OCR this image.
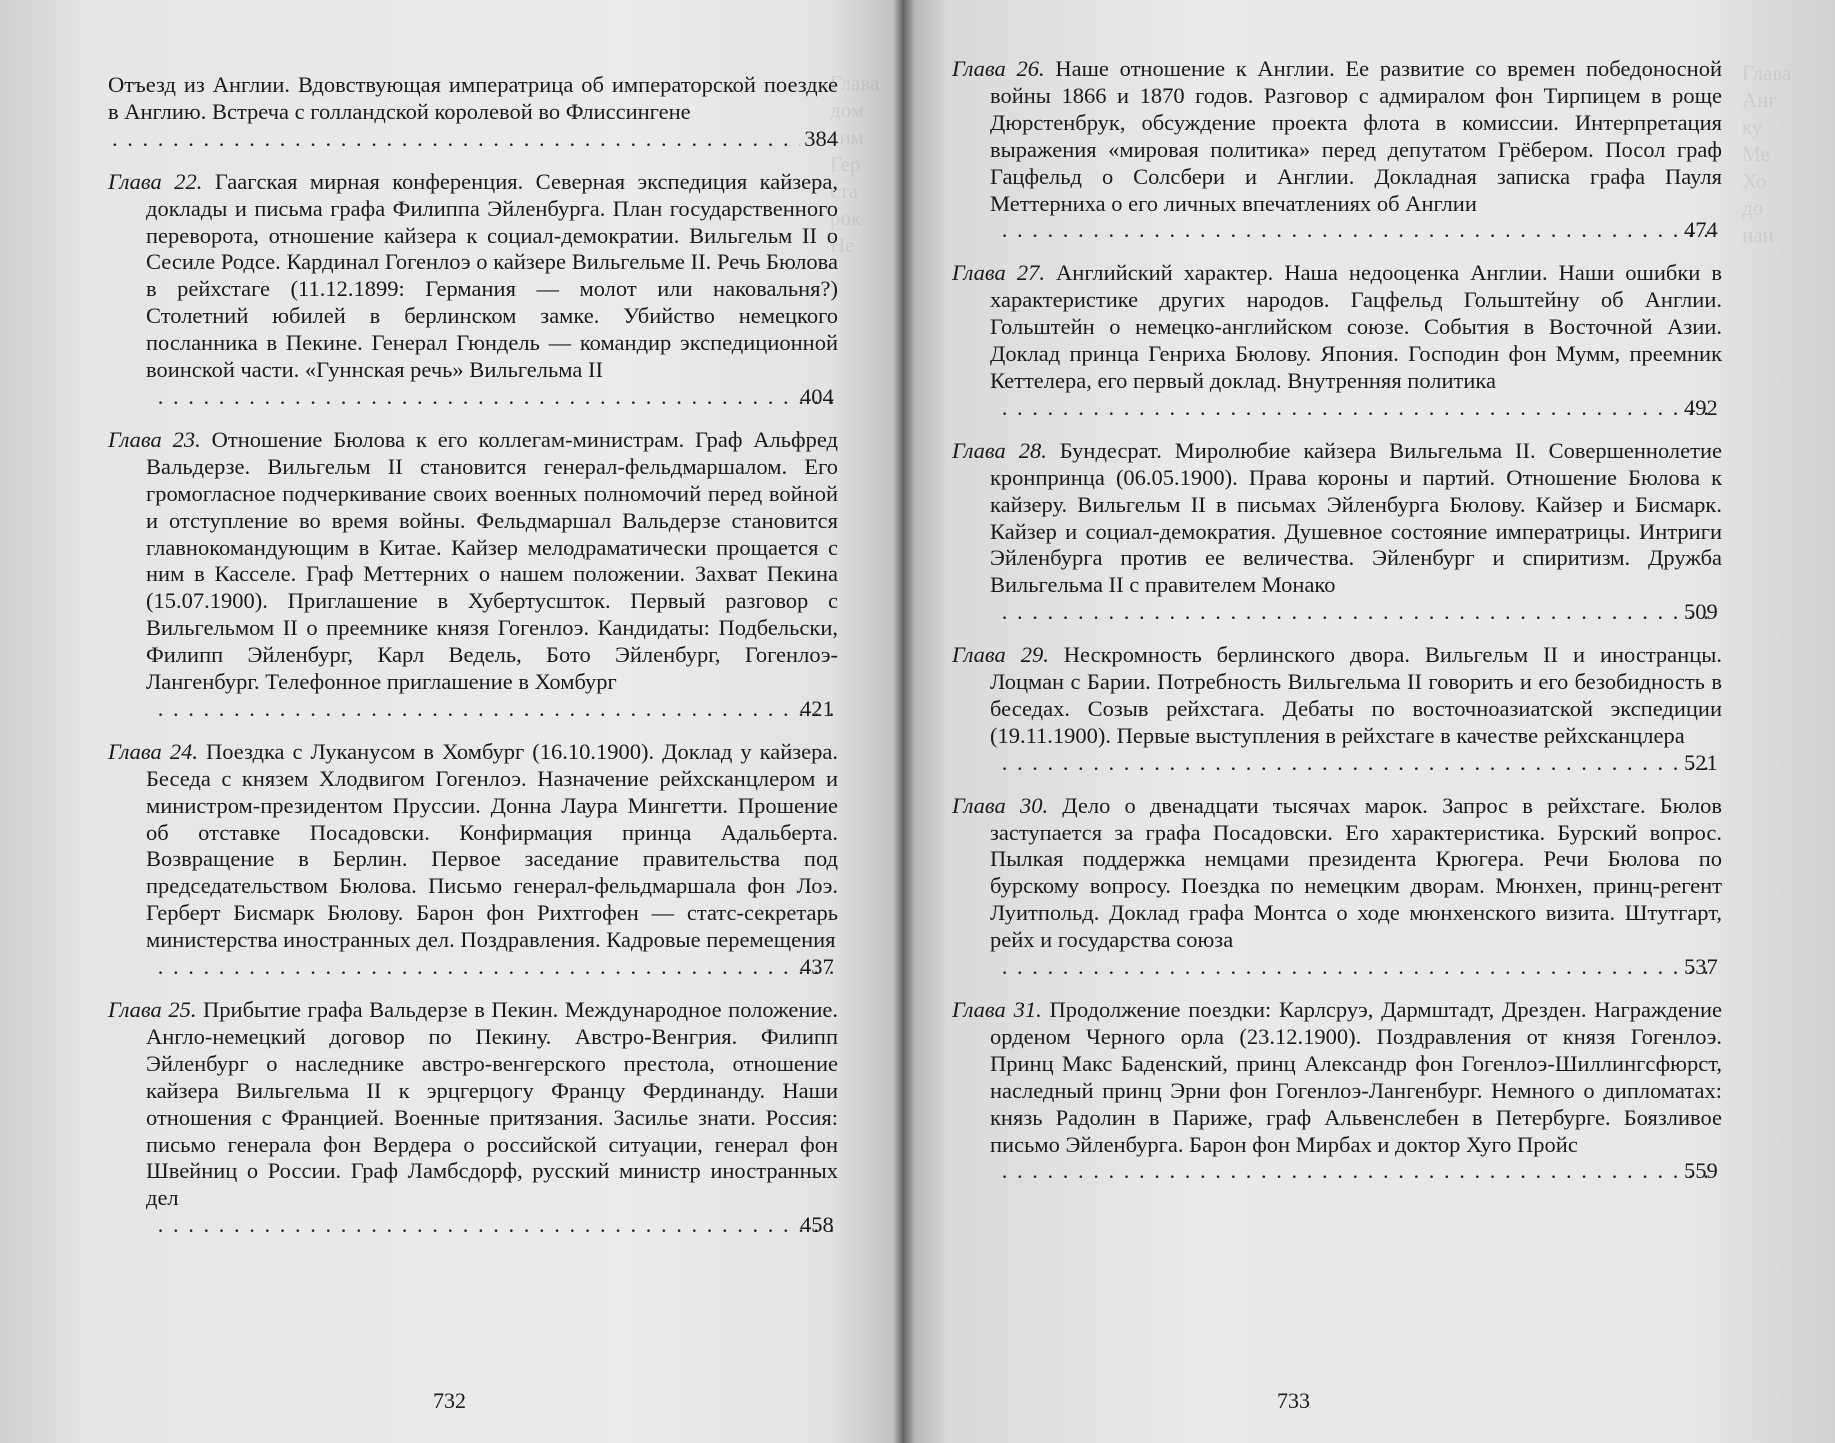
Глава
дом
сим
Гер
ста
рок
Не
Отъезд из Англии. Вдовствующая императрица об императорской поездке в Англию. Встреча с голландской королевой во Флиссингене
. . .
384
Глава 22. Гаагская мирная конференция. Северная экспедиция кайзера, доклады и письма графа Филиппа Эйленбурга. План государственного переворота, отношение кайзера к социал-демократии. Вильгельм II о Сесиле Родсе. Кардинал Гогенлоэ о кайзере Вильгельме II. Речь Бюлова в рейхстаге (11.12.1899: Германия — молот или наковальня?) Столетний юбилей в берлинском замке. Убийство немецкого посланника в Пекине. Генерал Гюндель — командир экспедиционной воинской части. «Гуннская речь» Вильгельма II
. . .
404
Глава 23. Отношение Бюлова к его коллегам-министрам. Граф Альфред Вальдерзе. Вильгельм II становится генерал-фельдмаршалом. Его громогласное подчеркивание своих военных полномочий перед войной и отступление во время войны. Фельдмаршал Вальдерзе становится главнокомандующим в Китае. Кайзер мелодраматически прощается с ним в Касселе. Граф Меттерних о нашем положении. Захват Пекина (15.07.1900). Приглашение в Хубертусшток. Первый разговор с Вильгельмом II о преемнике князя Гогенлоэ. Кандидаты: Подбельски, Филипп Эйленбург, Карл Ведель, Бото Эйленбург, Гогенлоэ-Лангенбург. Телефонное приглашение в Хомбург
. . .
421
Глава 24. Поездка с Луканусом в Хомбург (16.10.1900). Доклад у кайзера. Беседа с князем Хлодвигом Гогенлоэ. Назначение рейхсканцлером и министром-президентом Пруссии. Донна Лаура Мингетти. Прошение об отставке Посадовски. Конфирмация принца Адальберта. Возвращение в Берлин. Первое заседание правительства под председательством Бюлова. Письмо генерал-фельдмаршала фон Лоэ. Герберт Бисмарк Бюлову. Барон фон Рихтгофен — статс-секретарь министерства иностранных дел. Поздравления. Кадровые перемещения
. . .
437
Глава 25. Прибытие графа Вальдерзе в Пекин. Международное положение. Англо-немецкий договор по Пекину. Австро-Венгрия. Филипп Эйленбург о наследнике австро-венгерского престола, отношение кайзера Вильгельма II к эрцгерцогу Францу Фердинанду. Наши отношения с Францией. Военные притязания. Засилье знати. Россия: письмо генерала фон Вердера о российской ситуации, генерал фон Швейниц о России. Граф Ламбсдорф, русский министр иностранных дел
. . .
458
732
Глава
Анг
ку
Ме
Хо
до
нан
Глава 26. Наше отношение к Англии. Ее развитие со времен победоносной войны 1866 и 1870 годов. Разговор с адмиралом фон Тирпицем в роще Дюрстенбрук, обсуждение проекта флота в комиссии. Интерпретация выражения «мировая политика» перед депутатом Грёбером. Посол граф Гацфельд о Солсбери и Англии. Докладная записка графа Пауля Меттерниха о его личных впечатлениях об Англии
. . .
474
Глава 27. Английский характер. Наша недооценка Англии. Наши ошибки в характеристике других народов. Гацфельд Гольштейну об Англии. Гольштейн о немецко-английском союзе. События в Восточной Азии. Доклад принца Генриха Бюлову. Япония. Господин фон Мумм, преемник Кеттелера, его первый доклад. Внутренняя политика
. . .
492
Глава 28. Бундесрат. Миролюбие кайзера Вильгельма II. Совершеннолетие кронпринца (06.05.1900). Права короны и партий. Отношение Бюлова к кайзеру. Вильгельм II в письмах Эйленбурга Бюлову. Кайзер и Бисмарк. Кайзер и социал-демократия. Душевное состояние императрицы. Интриги Эйленбурга против ее величества. Эйленбург и спиритизм. Дружба Вильгельма II с правителем Монако
. . .
509
Глава 29. Нескромность берлинского двора. Вильгельм II и иностранцы. Лоцман с Барии. Потребность Вильгельма II говорить и его безобидность в беседах. Созыв рейхстага. Дебаты по восточноазиатской экспедиции (19.11.1900). Первые выступления в рейхстаге в качестве рейхсканцлера
. . .
521
Глава 30. Дело о двенадцати тысячах марок. Запрос в рейхстаге. Бюлов заступается за графа Посадовски. Его характеристика. Бурский вопрос. Пылкая поддержка немцами президента Крюгера. Речи Бюлова по бурскому вопросу. Поездка по немецким дворам. Мюнхен, принц-регент Луитпольд. Доклад графа Монтса о ходе мюнхенского визита. Штутгарт, рейх и государства союза
. . .
537
Глава 31. Продолжение поездки: Карлсруэ, Дармштадт, Дрезден. Награждение орденом Черного орла (23.12.1900). Поздравления от князя Гогенлоэ. Принц Макс Баденский, принц Александр фон Гогенлоэ-Шиллингсфюрст, наследный принц Эрни фон Гогенлоэ-Лангенбург. Немного о дипломатах: князь Радолин в Париже, граф Альвенслебен в Петербурге. Боязливое письмо Эйленбурга. Барон фон Мирбах и доктор Хуго Пройс
. . .
559
733
